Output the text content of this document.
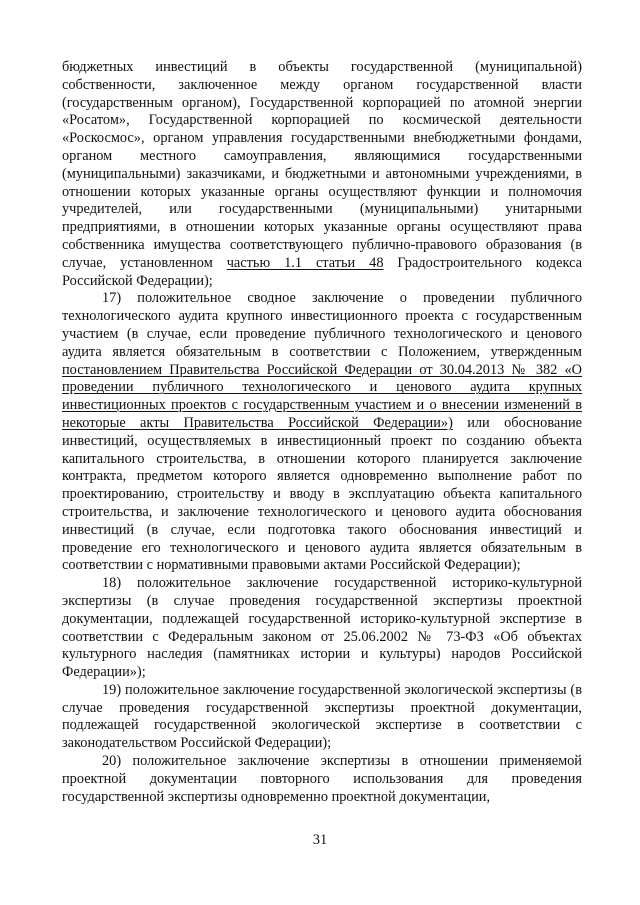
бюджетных инвестиций в объекты государственной (муниципальной) собственности, заключенное между органом государственной власти (государственным органом), Государственной корпорацией по атомной энергии «Росатом», Государственной корпорацией по космической деятельности «Роскосмос», органом управления государственными внебюджетными фондами, органом местного самоуправления, являющимися государственными (муниципальными) заказчиками, и бюджетными и автономными учреждениями, в отношении которых указанные органы осуществляют функции и полномочия учредителей, или государственными (муниципальными) унитарными предприятиями, в отношении которых указанные органы осуществляют права собственника имущества соответствующего публично-правового образования (в случае, установленном частью 1.1 статьи 48 Градостроительного кодекса Российской Федерации);

17) положительное сводное заключение о проведении публичного технологического аудита крупного инвестиционного проекта с государственным участием (в случае, если проведение публичного технологического и ценового аудита является обязательным в соответствии с Положением, утвержденным постановлением Правительства Российской Федерации от 30.04.2013 № 382 «О проведении публичного технологического и ценового аудита крупных инвестиционных проектов с государственным участием и о внесении изменений в некоторые акты Правительства Российской Федерации») или обоснование инвестиций, осуществляемых в инвестиционный проект по созданию объекта капитального строительства, в отношении которого планируется заключение контракта, предметом которого является одновременно выполнение работ по проектированию, строительству и вводу в эксплуатацию объекта капитального строительства, и заключение технологического и ценового аудита обоснования инвестиций (в случае, если подготовка такого обоснования инвестиций и проведение его технологического и ценового аудита является обязательным в соответствии с нормативными правовыми актами Российской Федерации);

18) положительное заключение государственной историко-культурной экспертизы (в случае проведения государственной экспертизы проектной документации, подлежащей государственной историко-культурной экспертизе в соответствии с Федеральным законом от 25.06.2002 № 73-ФЗ «Об объектах культурного наследия (памятниках истории и культуры) народов Российской Федерации»);

19) положительное заключение государственной экологической экспертизы (в случае проведения государственной экспертизы проектной документации, подлежащей государственной экологической экспертизе в соответствии с законодательством Российской Федерации);

20) положительное заключение экспертизы в отношении применяемой проектной документации повторного использования для проведения государственной экспертизы одновременно проектной документации,

31
